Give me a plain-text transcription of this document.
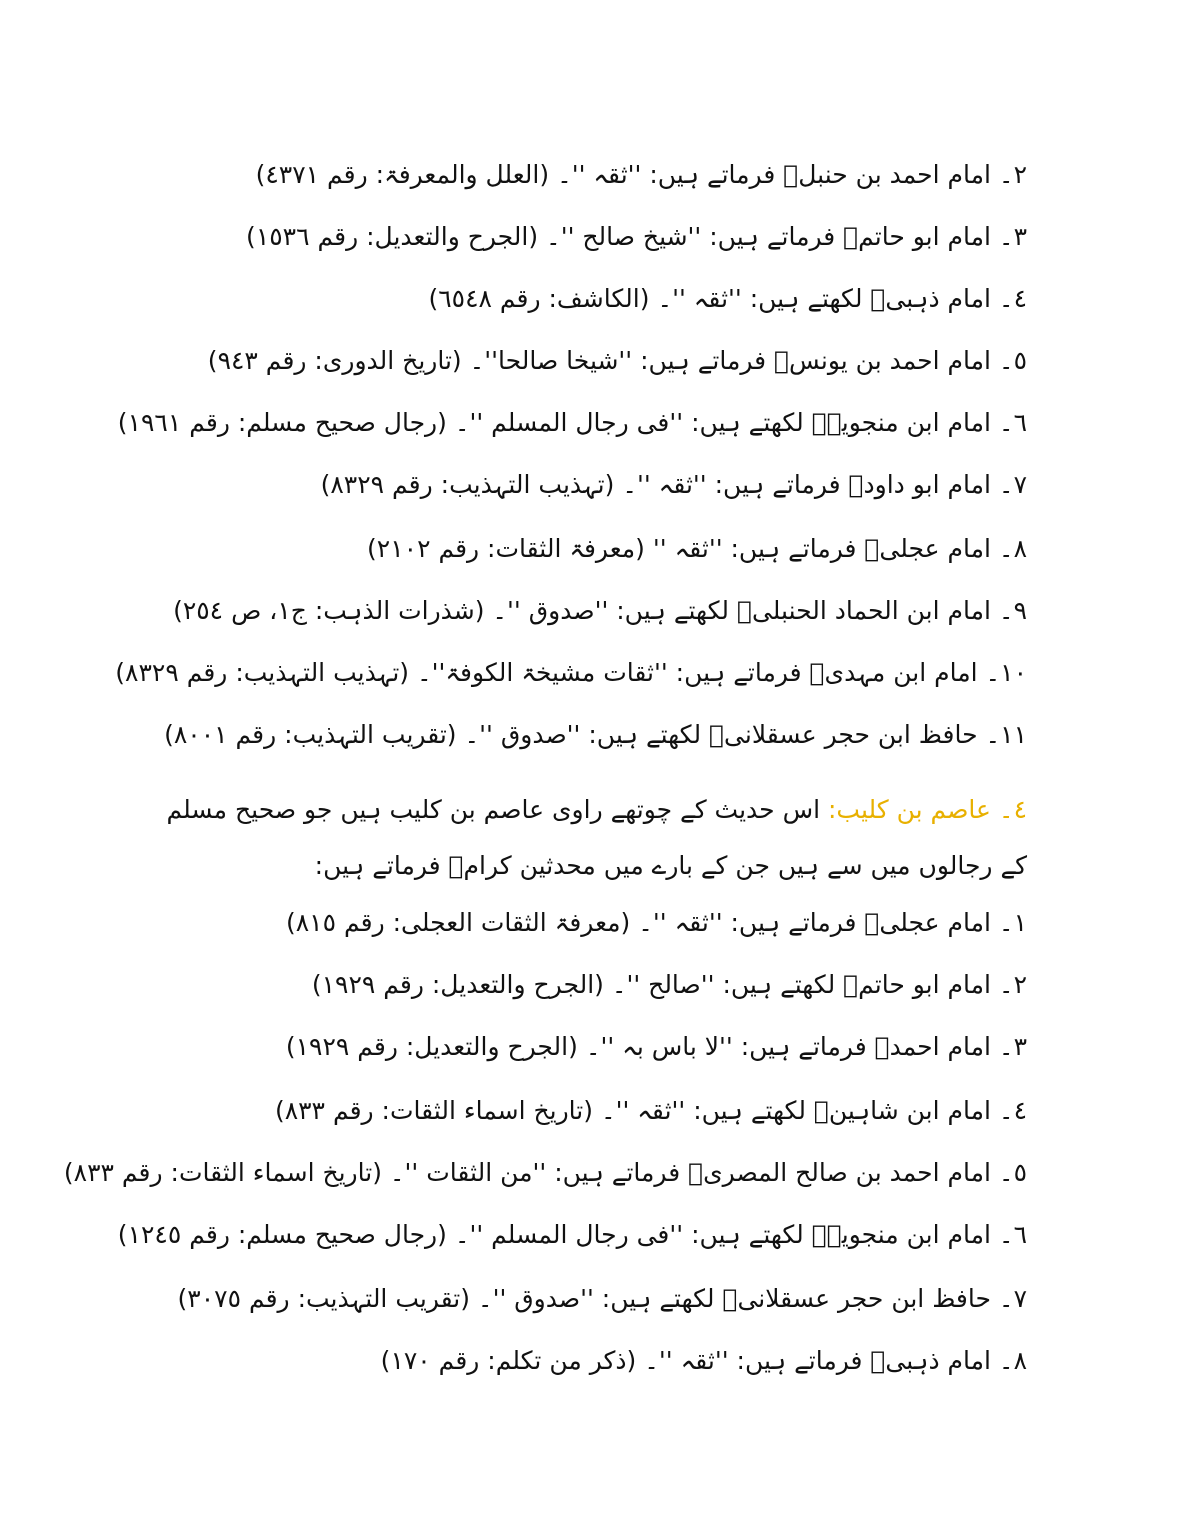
٢۔ امام احمد بن حنبلؒ فرماتے ہیں: ''ثقہ ''۔ (العلل والمعرفۃ: رقم ٤٣٧١)
٣۔ امام ابو حاتمؒ فرماتے ہیں: ''شیخ صالح ''۔ (الجرح والتعدیل: رقم ١٥٣٦)
٤۔ امام ذہبیؒ لکھتے ہیں: ''ثقہ ''۔ (الکاشف: رقم ٦٥٤٨)
٥۔ امام احمد بن یونسؒ فرماتے ہیں: ''شیخا صالحا''۔ (تاریخ الدوری: رقم ٩٤٣)
٦۔ امام ابن منجویہؒ لکھتے ہیں: ''فی رجال المسلم ''۔ (رجال صحیح مسلم: رقم ١٩٦١)
٧۔ امام ابو داودؒ فرماتے ہیں: ''ثقہ ''۔ (تہذیب التہذیب: رقم ٨٣٢٩)
٨۔ امام عجلیؒ فرماتے ہیں: ''ثقہ '' (معرفۃ الثقات: رقم ٢١٠٢)
٩۔ امام ابن الحماد الحنبلیؒ لکھتے ہیں: ''صدوق ''۔ (شذرات الذہب: ج١، ص ٢٥٤)
١٠۔ امام ابن مہدیؒ فرماتے ہیں: ''ثقات مشیخۃ الکوفۃ''۔ (تہذیب التہذیب: رقم ٨٣٢٩)
١١۔ حافظ ابن حجر عسقلانیؒ لکھتے ہیں: ''صدوق ''۔ (تقریب التہذیب: رقم ٨٠٠١)
٤۔ عاصم بن کلیب: اس حدیث کے چوتھے راوی عاصم بن کلیب ہیں جو صحیح مسلم کے رجالوں میں سے ہیں جن کے بارے میں محدثین کرامؒ فرماتے ہیں:
١۔ امام عجلیؒ فرماتے ہیں: ''ثقہ ''۔ (معرفۃ الثقات العجلی: رقم ٨١٥)
٢۔ امام ابو حاتمؒ لکھتے ہیں: ''صالح ''۔ (الجرح والتعدیل: رقم ١٩٢٩)
٣۔ امام احمدؒ فرماتے ہیں: ''لا باس بہ ''۔ (الجرح والتعدیل: رقم ١٩٢٩)
٤۔ امام ابن شاہینؒ لکھتے ہیں: ''ثقہ ''۔ (تاریخ اسماء الثقات: رقم ٨٣٣)
٥۔ امام احمد بن صالح المصریؒ فرماتے ہیں: ''من الثقات ''۔ (تاریخ اسماء الثقات: رقم ٨٣٣)
٦۔ امام ابن منجویہؒ لکھتے ہیں: ''فی رجال المسلم ''۔ (رجال صحیح مسلم: رقم ١٢٤٥)
٧۔ حافظ ابن حجر عسقلانیؒ لکھتے ہیں: ''صدوق ''۔ (تقریب التہذیب: رقم ٣٠٧٥)
٨۔ امام ذہبیؒ فرماتے ہیں: ''ثقہ ''۔ (ذکر من تکلم: رقم ١٧٠)
